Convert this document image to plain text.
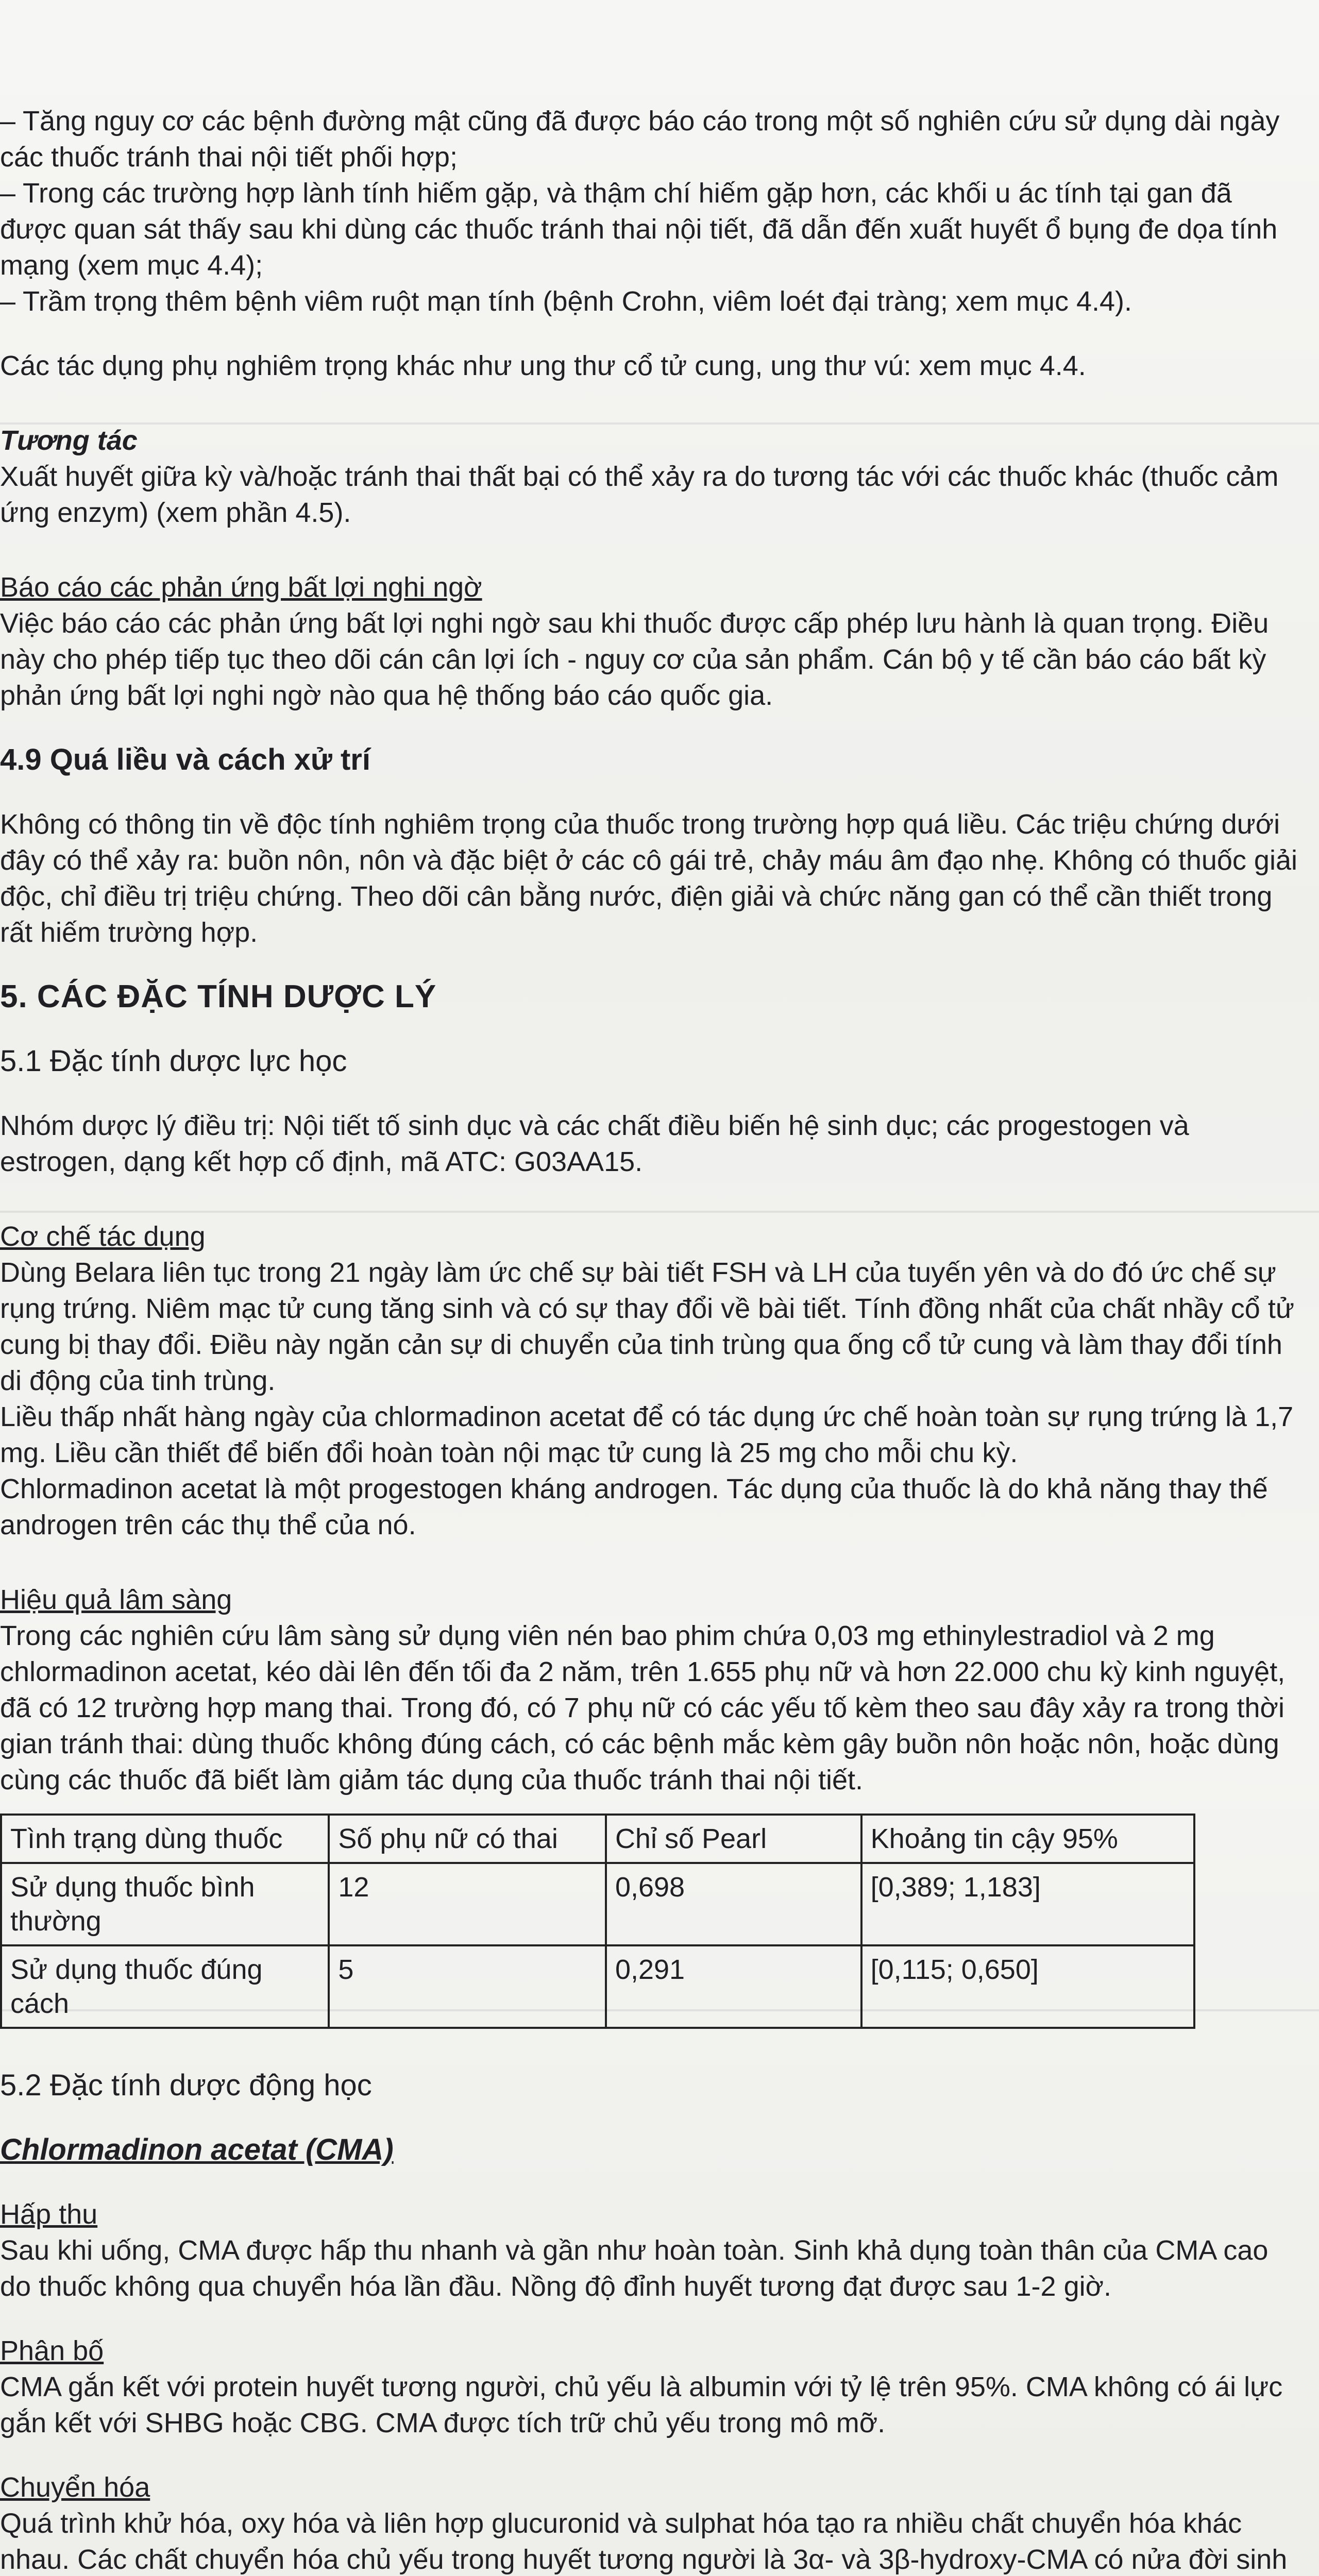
– Tăng nguy cơ các bệnh đường mật cũng đã được báo cáo trong một số nghiên cứu sử dụng dài ngày các thuốc tránh thai nội tiết phối hợp;

– Trong các trường hợp lành tính hiếm gặp, và thậm chí hiếm gặp hơn, các khối u ác tính tại gan đã được quan sát thấy sau khi dùng các thuốc tránh thai nội tiết, đã dẫn đến xuất huyết ổ bụng đe dọa tính mạng (xem mục 4.4);

– Trầm trọng thêm bệnh viêm ruột mạn tính (bệnh Crohn, viêm loét đại tràng; xem mục 4.4).

Các tác dụng phụ nghiêm trọng khác như ung thư cổ tử cung, ung thư vú: xem mục 4.4.

Tương tác

Xuất huyết giữa kỳ và/hoặc tránh thai thất bại có thể xảy ra do tương tác với các thuốc khác (thuốc cảm ứng enzym) (xem phần 4.5).

Báo cáo các phản ứng bất lợi nghi ngờ

Việc báo cáo các phản ứng bất lợi nghi ngờ sau khi thuốc được cấp phép lưu hành là quan trọng. Điều này cho phép tiếp tục theo dõi cán cân lợi ích - nguy cơ của sản phẩm. Cán bộ y tế cần báo cáo bất kỳ phản ứng bất lợi nghi ngờ nào qua hệ thống báo cáo quốc gia.

4.9 Quá liều và cách xử trí

Không có thông tin về độc tính nghiêm trọng của thuốc trong trường hợp quá liều. Các triệu chứng dưới đây có thể xảy ra: buồn nôn, nôn và đặc biệt ở các cô gái trẻ, chảy máu âm đạo nhẹ. Không có thuốc giải độc, chỉ điều trị triệu chứng. Theo dõi cân bằng nước, điện giải và chức năng gan có thể cần thiết trong rất hiếm trường hợp.

5. CÁC ĐẶC TÍNH DƯỢC LÝ

5.1 Đặc tính dược lực học

Nhóm dược lý điều trị: Nội tiết tố sinh dục và các chất điều biến hệ sinh dục; các progestogen và estrogen, dạng kết hợp cố định, mã ATC: G03AA15.

Cơ chế tác dụng

Dùng Belara liên tục trong 21 ngày làm ức chế sự bài tiết FSH và LH của tuyến yên và do đó ức chế sự rụng trứng. Niêm mạc tử cung tăng sinh và có sự thay đổi về bài tiết. Tính đồng nhất của chất nhầy cổ tử cung bị thay đổi. Điều này ngăn cản sự di chuyển của tinh trùng qua ống cổ tử cung và làm thay đổi tính di động của tinh trùng.

Liều thấp nhất hàng ngày của chlormadinon acetat để có tác dụng ức chế hoàn toàn sự rụng trứng là 1,7 mg. Liều cần thiết để biến đổi hoàn toàn nội mạc tử cung là 25 mg cho mỗi chu kỳ.

Chlormadinon acetat là một progestogen kháng androgen. Tác dụng của thuốc là do khả năng thay thế androgen trên các thụ thể của nó.

Hiệu quả lâm sàng

Trong các nghiên cứu lâm sàng sử dụng viên nén bao phim chứa 0,03 mg ethinylestradiol và 2 mg chlormadinon acetat, kéo dài lên đến tối đa 2 năm, trên 1.655 phụ nữ và hơn 22.000 chu kỳ kinh nguyệt, đã có 12 trường hợp mang thai. Trong đó, có 7 phụ nữ có các yếu tố kèm theo sau đây xảy ra trong thời gian tránh thai: dùng thuốc không đúng cách, có các bệnh mắc kèm gây buồn nôn hoặc nôn, hoặc dùng cùng các thuốc đã biết làm giảm tác dụng của thuốc tránh thai nội tiết.

Tình trạng dùng thuốc	Số phụ nữ có thai	Chỉ số Pearl	Khoảng tin cậy 95%
Sử dụng thuốc bình thường	12	0,698	[0,389; 1,183]
Sử dụng thuốc đúng cách	5	0,291	[0,115; 0,650]

5.2 Đặc tính dược động học

Chlormadinon acetat (CMA)

Hấp thu

Sau khi uống, CMA được hấp thu nhanh và gần như hoàn toàn. Sinh khả dụng toàn thân của CMA cao do thuốc không qua chuyển hóa lần đầu. Nồng độ đỉnh huyết tương đạt được sau 1-2 giờ.

Phân bố

CMA gắn kết với protein huyết tương người, chủ yếu là albumin với tỷ lệ trên 95%. CMA không có ái lực gắn kết với SHBG hoặc CBG. CMA được tích trữ chủ yếu trong mô mỡ.

Chuyển hóa

Quá trình khử hóa, oxy hóa và liên hợp glucuronid và sulphat hóa tạo ra nhiều chất chuyển hóa khác nhau. Các chất chuyển hóa chủ yếu trong huyết tương người là 3α- và 3β-hydroxy-CMA có nửa đời sinh
